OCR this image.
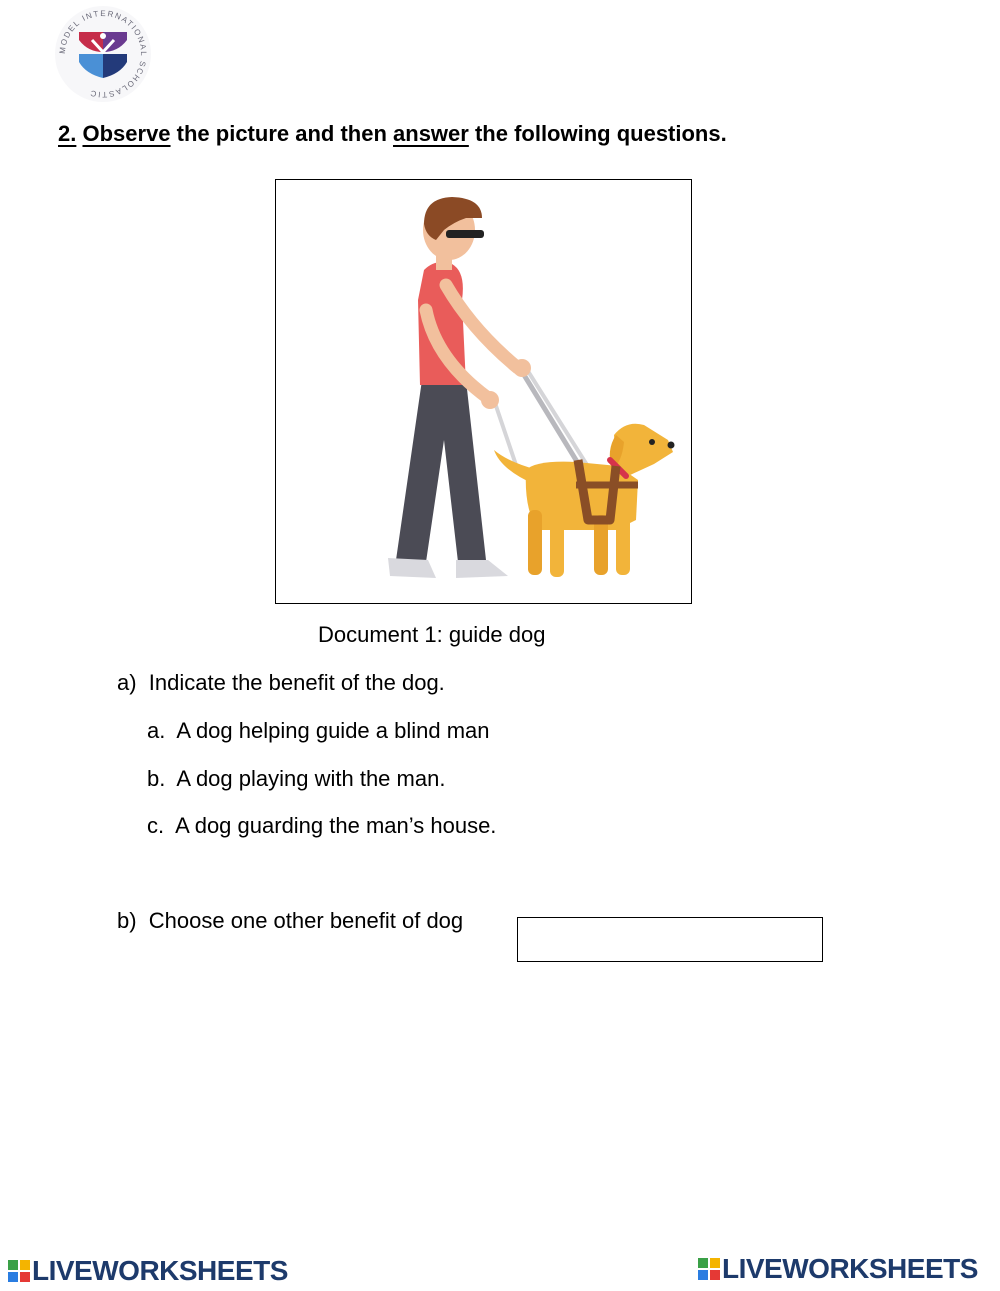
MODEL INTERNATIONAL SCHOLASTIC
2. Observe the picture and then answer the following questions.
Document 1: guide dog
a) Indicate the benefit of the dog.
a. A dog helping guide a blind man
b. A dog playing with the man.
c. A dog guarding the man’s house.
b) Choose one other benefit of dog
LIVEWORKSHEETS	LIVEWORKSHEETS
